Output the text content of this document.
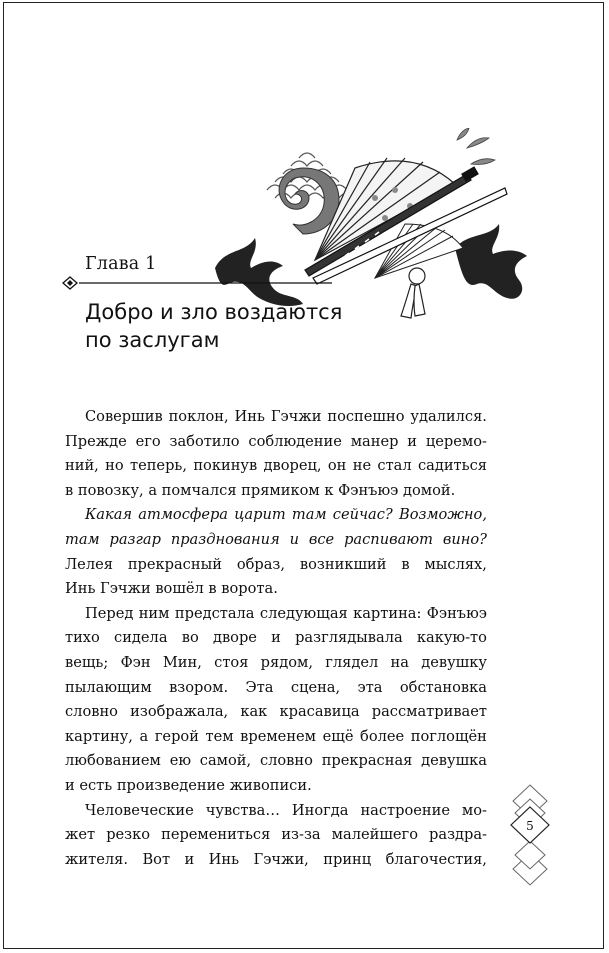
Глава 1
Добро и зло воздаются
по заслугам
Совершив поклон, Инь Гэчжи поспешно удалился.
Прежде его заботило соблюдение манер и церемо-
ний, но теперь, покинув дворец, он не стал садиться
в повозку, а помчался прямиком к Фэнъюэ домой.
Какая атмосфера царит там сейчас? Возможно,
там разгар празднования и все распивают вино?
Лелея прекрасный образ, возникший в мыслях,
Инь Гэчжи вошёл в ворота.
Перед ним предстала следующая картина: Фэнъюэ
тихо сидела во дворе и разглядывала какую-то
вещь; Фэн Мин, стоя рядом, глядел на девушку
пылающим взором. Эта сцена, эта обстановка
словно изображала, как красавица рассматривает
картину, а герой тем временем ещё более поглощён
любованием ею самой, словно прекрасная девушка
и есть произведение живописи.
Человеческие чувства… Иногда настроение мо-
жет резко перемениться из-за малейшего раздра-
жителя. Вот и Инь Гэчжи, принц благочестия,
5
